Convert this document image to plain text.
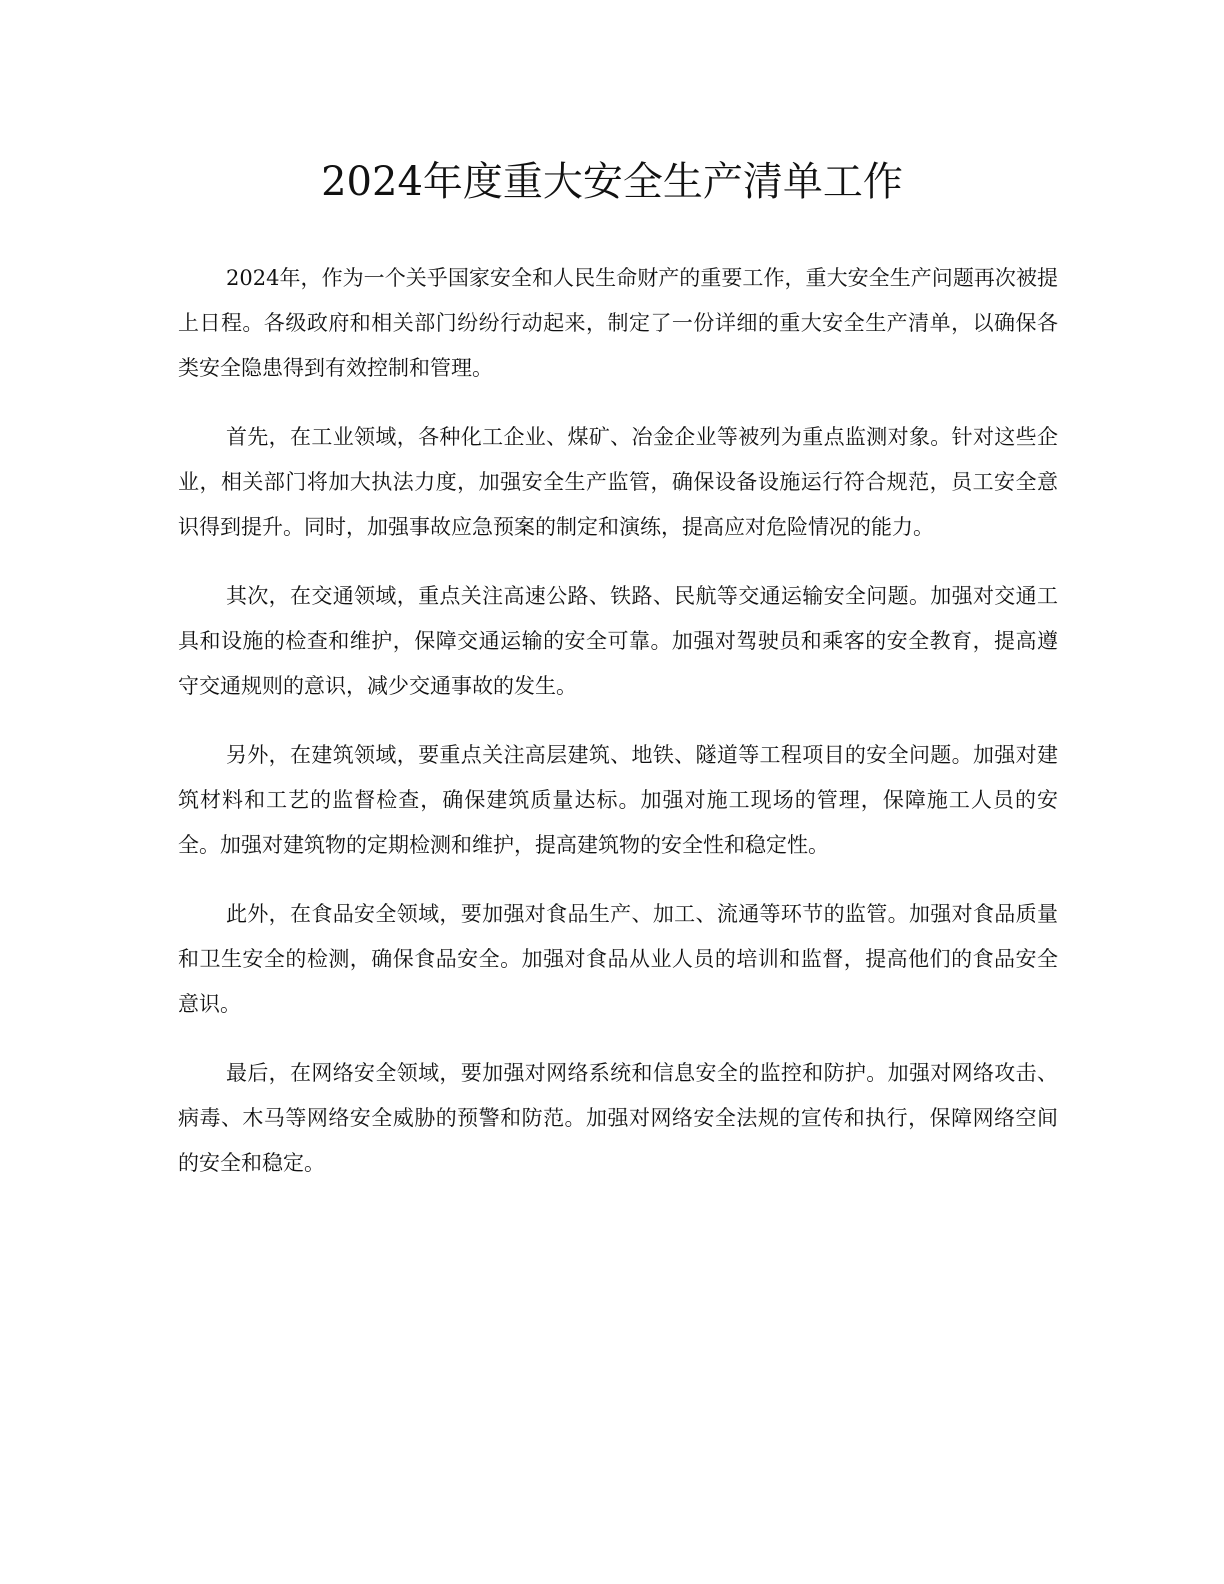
2024年度重大安全生产清单工作

2024年，作为一个关乎国家安全和人民生命财产的重要工作，重大安全生产问题再次被提上日程。各级政府和相关部门纷纷行动起来，制定了一份详细的重大安全生产清单，以确保各类安全隐患得到有效控制和管理。

首先，在工业领域，各种化工企业、煤矿、冶金企业等被列为重点监测对象。针对这些企业，相关部门将加大执法力度，加强安全生产监管，确保设备设施运行符合规范，员工安全意识得到提升。同时，加强事故应急预案的制定和演练，提高应对危险情况的能力。

其次，在交通领域，重点关注高速公路、铁路、民航等交通运输安全问题。加强对交通工具和设施的检查和维护，保障交通运输的安全可靠。加强对驾驶员和乘客的安全教育，提高遵守交通规则的意识，减少交通事故的发生。

另外，在建筑领域，要重点关注高层建筑、地铁、隧道等工程项目的安全问题。加强对建筑材料和工艺的监督检查，确保建筑质量达标。加强对施工现场的管理，保障施工人员的安全。加强对建筑物的定期检测和维护，提高建筑物的安全性和稳定性。

此外，在食品安全领域，要加强对食品生产、加工、流通等环节的监管。加强对食品质量和卫生安全的检测，确保食品安全。加强对食品从业人员的培训和监督，提高他们的食品安全意识。

最后，在网络安全领域，要加强对网络系统和信息安全的监控和防护。加强对网络攻击、病毒、木马等网络安全威胁的预警和防范。加强对网络安全法规的宣传和执行，保障网络空间的安全和稳定。
